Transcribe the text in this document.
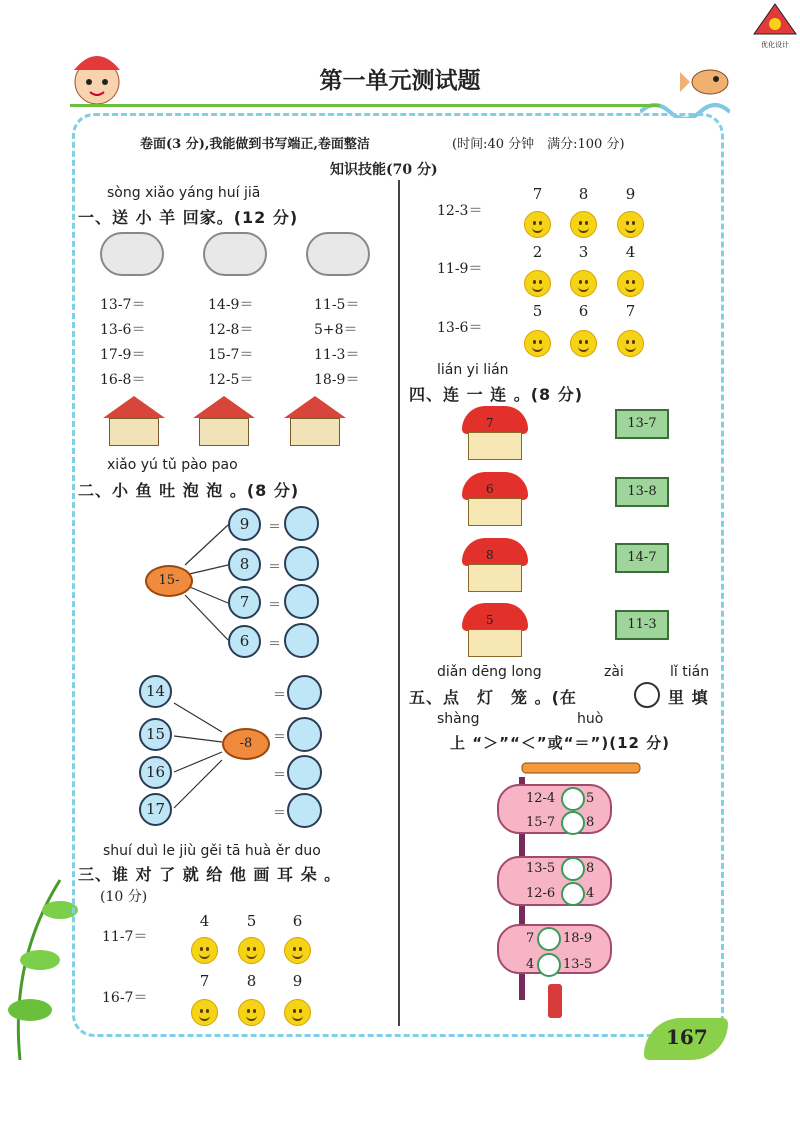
优化设计
第一单元测试题
卷面(3 分),我能做到书写端正,卷面整洁	(时间:40 分钟　满分:100 分)
知识技能(70 分)
sòng xiǎo yáng huí jiā
一、送 小 羊 回家。(12 分)
13-7＝	14-9＝	11-5＝
13-6＝	12-8＝	5+8＝
17-9＝	15-7＝	11-3＝
16-8＝	12-5＝	18-9＝
xiǎo yú tǔ pào pao
二、小 鱼 吐 泡 泡 。(8 分)
15-
9
8
7
6
＝
＝
＝
＝
14
15
16
17
-8
＝
＝
＝
＝
shuí duì le jiù gěi tā huà ěr duo
三、谁 对 了 就 给 他 画 耳 朵 。
(10 分)
11-7＝
4	5	6
16-7＝
7	8	9
12-3＝
7	8	9
11-9＝
2	3	4
13-6＝
5	6	7
lián yi lián
四、连 一 连 。(8 分)
7
6
8
5
13-7
13-8
14-7
11-3
diǎn dēng long	zài	lǐ tián
五、点　灯　笼 。(在	里 填
shàng	huò
上 “＞”“＜”或“＝”)(12 分)
12-4 5
15-7 8
13-5 8
12-6 4
7 18-9
4 13-5
167
